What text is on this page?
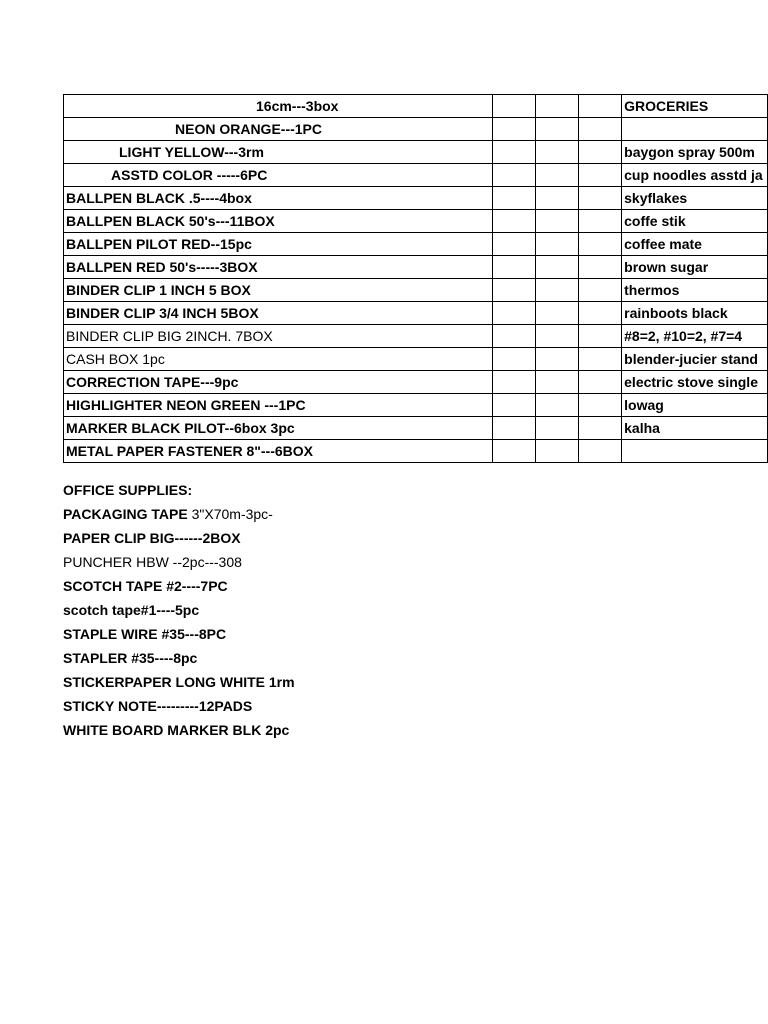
16cm---3box				GROCERIES
NEON ORANGE---1PC				
LIGHT YELLOW---3rm				baygon spray 500m
ASSTD COLOR -----6PC				cup noodles asstd ja
BALLPEN BLACK .5----4box				skyflakes
BALLPEN BLACK 50's---11BOX				coffe stik
BALLPEN PILOT RED--15pc				coffee mate
BALLPEN RED 50's-----3BOX				brown sugar
BINDER CLIP 1 INCH 5 BOX				thermos
BINDER CLIP 3/4 INCH 5BOX				rainboots black
BINDER CLIP BIG 2INCH. 7BOX				#8=2, #10=2, #7=4
CASH BOX 1pc				blender-jucier stand
CORRECTION TAPE---9pc				electric stove single
HIGHLIGHTER NEON GREEN ---1PC				lowag
MARKER BLACK PILOT--6box 3pc				kalha
METAL PAPER FASTENER 8"---6BOX				
OFFICE SUPPLIES:
PACKAGING TAPE 3"X70m-3pc-
PAPER CLIP BIG------2BOX
PUNCHER HBW --2pc---308
SCOTCH TAPE #2----7PC
scotch tape#1----5pc
STAPLE WIRE #35---8PC
STAPLER #35----8pc
STICKERPAPER LONG WHITE 1rm
STICKY NOTE---------12PADS
WHITE BOARD MARKER BLK 2pc
